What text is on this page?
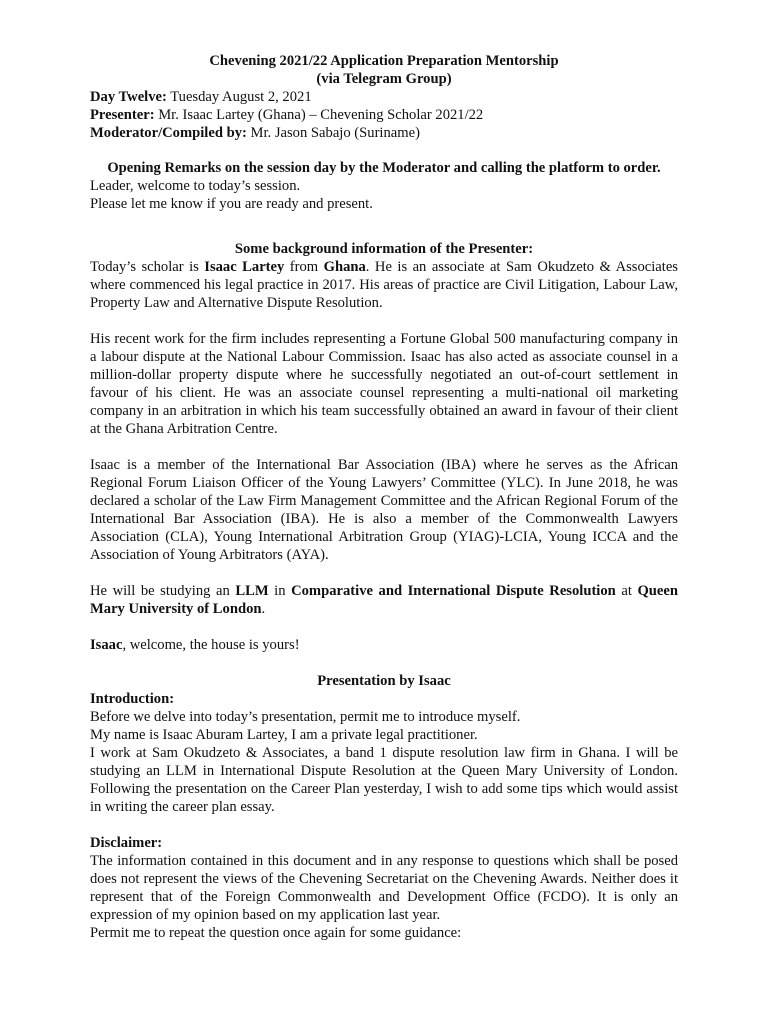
Chevening 2021/22 Application Preparation Mentorship
(via Telegram Group)
Day Twelve: Tuesday August 2, 2021
Presenter: Mr. Isaac Lartey (Ghana) – Chevening Scholar 2021/22
Moderator/Compiled by: Mr. Jason Sabajo (Suriname)
Opening Remarks on the session day by the Moderator and calling the platform to order.
Leader, welcome to today’s session.
Please let me know if you are ready and present.
Some background information of the Presenter:

Today’s scholar is Isaac Lartey from Ghana. He is an associate at Sam Okudzeto & Associates where commenced his legal practice in 2017. His areas of practice are Civil Litigation, Labour Law, Property Law and Alternative Dispute Resolution.

His recent work for the firm includes representing a Fortune Global 500 manufacturing company in a labour dispute at the National Labour Commission. Isaac has also acted as associate counsel in a million-dollar property dispute where he successfully negotiated an out-of-court settlement in favour of his client. He was an associate counsel representing a multi-national oil marketing company in an arbitration in which his team successfully obtained an award in favour of their client at the Ghana Arbitration Centre.

Isaac is a member of the International Bar Association (IBA) where he serves as the African Regional Forum Liaison Officer of the Young Lawyers’ Committee (YLC). In June 2018, he was declared a scholar of the Law Firm Management Committee and the African Regional Forum of the International Bar Association (IBA). He is also a member of the Commonwealth Lawyers Association (CLA), Young International Arbitration Group (YIAG)-LCIA, Young ICCA and the Association of Young Arbitrators (AYA).

He will be studying an LLM in Comparative and International Dispute Resolution at Queen Mary University of London.

Isaac, welcome, the house is yours!
Presentation by Isaac
Introduction:
Before we delve into today’s presentation, permit me to introduce myself.
My name is Isaac Aburam Lartey, I am a private legal practitioner.

I work at Sam Okudzeto & Associates, a band 1 dispute resolution law firm in Ghana. I will be studying an LLM in International Dispute Resolution at the Queen Mary University of London. Following the presentation on the Career Plan yesterday, I wish to add some tips which would assist in writing the career plan essay.

Disclaimer:

The information contained in this document and in any response to questions which shall be posed does not represent the views of the Chevening Secretariat on the Chevening Awards. Neither does it represent that of the Foreign Commonwealth and Development Office (FCDO). It is only an expression of my opinion based on my application last year.

Permit me to repeat the question once again for some guidance:
